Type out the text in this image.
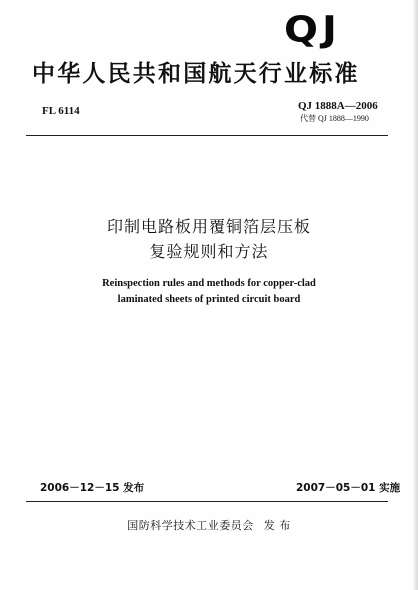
QJ
中华人民共和国航天行业标准
FL 6114	QJ 1888A—2006
代替 QJ 1888—1990
印制电路板用覆铜箔层压板
复验规则和方法
Reinspection rules and methods for copper-clad
laminated sheets of printed circuit board
2006－12－15 发布	2007－05－01 实施
国防科学技术工业委员会 发 布
